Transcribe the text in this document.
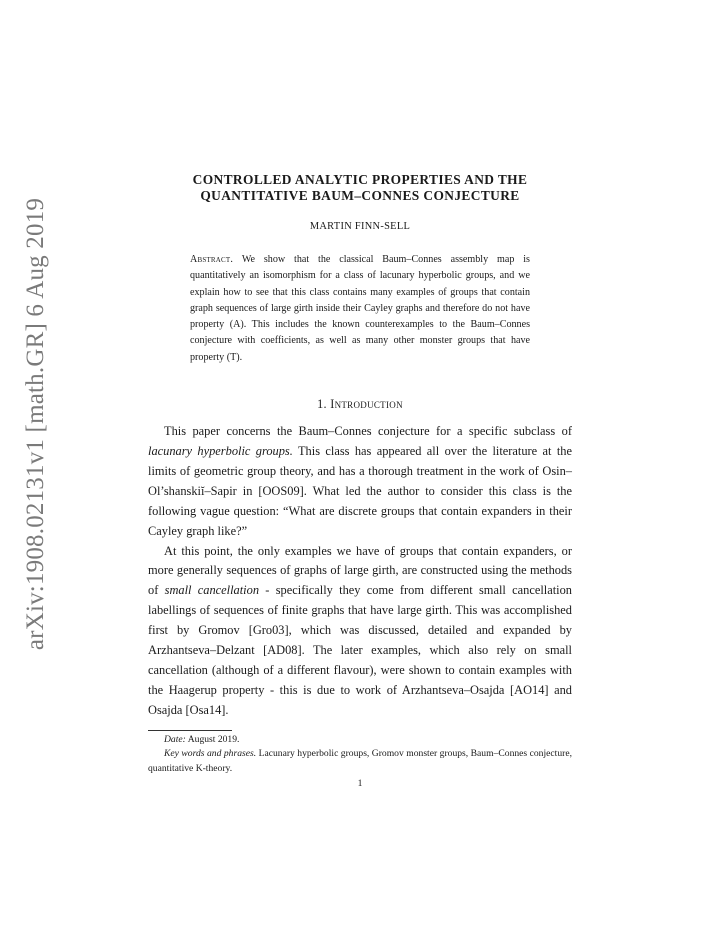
arXiv:1908.02131v1 [math.GR] 6 Aug 2019
CONTROLLED ANALYTIC PROPERTIES AND THE
QUANTITATIVE BAUM–CONNES CONJECTURE
MARTIN FINN-SELL
Abstract. We show that the classical Baum–Connes assembly map is quantitatively an isomorphism for a class of lacunary hyperbolic groups, and we explain how to see that this class contains many examples of groups that contain graph sequences of large girth inside their Cayley graphs and therefore do not have property (A). This includes the known counterexamples to the Baum–Connes conjecture with coefficients, as well as many other monster groups that have property (T).
1. Introduction

This paper concerns the Baum–Connes conjecture for a specific subclass of lacunary hyperbolic groups. This class has appeared all over the literature at the limits of geometric group theory, and has a thorough treatment in the work of Osin–Ol’shanskiĭ–Sapir in [OOS09]. What led the author to consider this class is the following vague question: “What are discrete groups that contain expanders in their Cayley graph like?”

At this point, the only examples we have of groups that contain expanders, or more generally sequences of graphs of large girth, are constructed using the methods of small cancellation - specifically they come from different small cancellation labellings of sequences of finite graphs that have large girth. This was accomplished first by Gromov [Gro03], which was discussed, detailed and expanded by Arzhantseva–Delzant [AD08]. The later examples, which also rely on small cancellation (although of a different flavour), were shown to contain examples with the Haagerup property - this is due to work of Arzhantseva–Osajda [AO14] and Osajda [Osa14].

Date: August 2019.

Key words and phrases. Lacunary hyperbolic groups, Gromov monster groups, Baum–Connes conjecture, quantitative K-theory.

1
